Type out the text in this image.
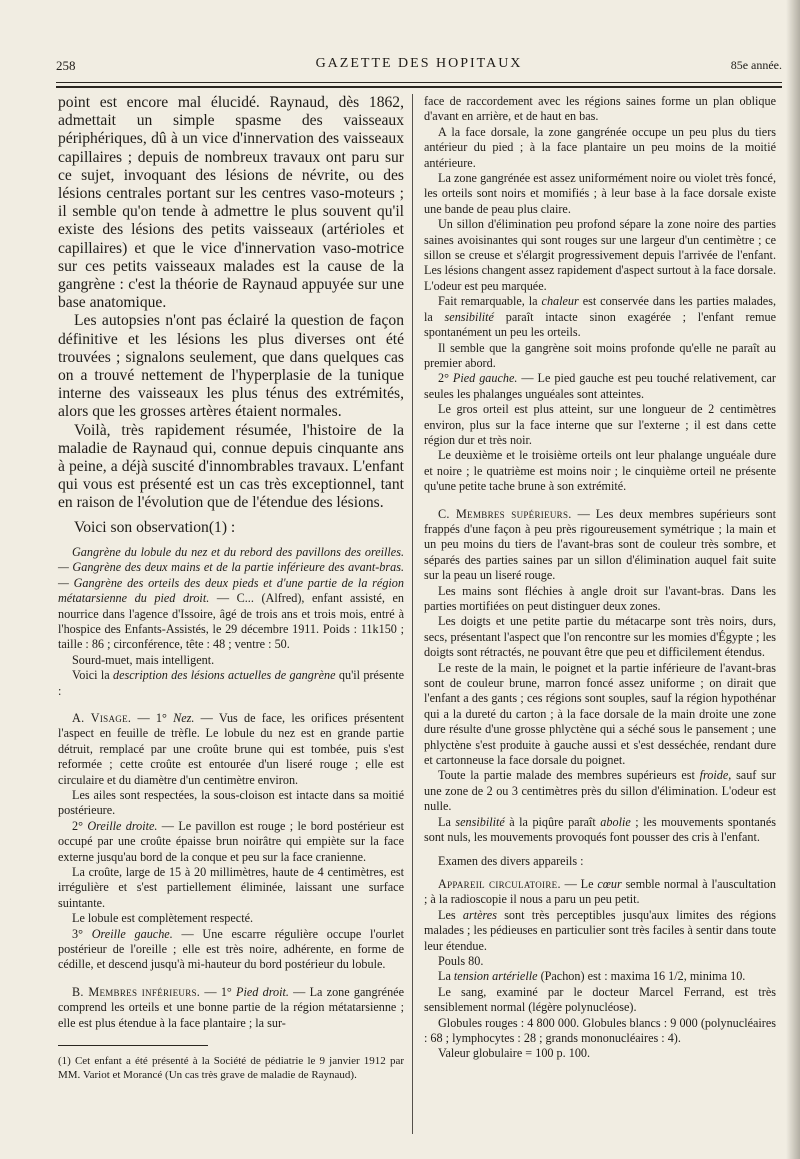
258	GAZETTE DES HOPITAUX	85e année.

point est encore mal élucidé. Raynaud, dès 1862, admettait un simple spasme des vaisseaux périphériques, dû à un vice d'innervation des vaisseaux capillaires ; depuis de nombreux travaux ont paru sur ce sujet, invoquant des lésions de névrite, ou des lésions centrales portant sur les centres vaso-moteurs ; il semble qu'on tende à admettre le plus souvent qu'il existe des lésions des petits vaisseaux (artérioles et capillaires) et que le vice d'innervation vaso-motrice sur ces petits vaisseaux malades est la cause de la gangrène : c'est la théorie de Raynaud appuyée sur une base anatomique.

Les autopsies n'ont pas éclairé la question de façon définitive et les lésions les plus diverses ont été trouvées ; signalons seulement, que dans quelques cas on a trouvé nettement de l'hyperplasie de la tunique interne des vaisseaux les plus ténus des extrémités, alors que les grosses artères étaient normales.

Voilà, très rapidement résumée, l'histoire de la maladie de Raynaud qui, connue depuis cinquante ans à peine, a déjà suscité d'innombrables travaux. L'enfant qui vous est présenté est un cas très exceptionnel, tant en raison de l'évolution que de l'étendue des lésions.

Voici son observation(1) :

Gangrène du lobule du nez et du rebord des pavillons des oreilles. — Gangrène des deux mains et de la partie inférieure des avant-bras. — Gangrène des orteils des deux pieds et d'une partie de la région métatarsienne du pied droit. — C... (Alfred), enfant assisté, en nourrice dans l'agence d'Issoire, âgé de trois ans et trois mois, entré à l'hospice des Enfants-Assistés, le 29 décembre 1911. Poids : 11k150 ; taille : 86 ; circonférence, tête : 48 ; ventre : 50.

Sourd-muet, mais intelligent.

Voici la description des lésions actuelles de gangrène qu'il présente :

A. Visage. — 1° Nez. — Vus de face, les orifices présentent l'aspect en feuille de trèfle. Le lobule du nez est en grande partie détruit, remplacé par une croûte brune qui est tombée, puis s'est reformée ; cette croûte est entourée d'un liseré rouge ; elle est circulaire et du diamètre d'un centimètre environ.

Les ailes sont respectées, la sous-cloison est intacte dans sa moitié postérieure.

2° Oreille droite. — Le pavillon est rouge ; le bord postérieur est occupé par une croûte épaisse brun noirâtre qui empiète sur la face externe jusqu'au bord de la conque et peu sur la face cranienne.

La croûte, large de 15 à 20 millimètres, haute de 4 centimètres, est irrégulière et s'est partiellement éliminée, laissant une surface suintante.

Le lobule est complètement respecté.

3° Oreille gauche. — Une escarre régulière occupe l'ourlet postérieur de l'oreille ; elle est très noire, adhérente, en forme de cédille, et descend jusqu'à mi-hauteur du bord postérieur du lobule.

B. Membres inférieurs. — 1° Pied droit. — La zone gangrénée comprend les orteils et une bonne partie de la région métatarsienne ; elle est plus étendue à la face plantaire ; la sur-

(1) Cet enfant a été présenté à la Société de pédiatrie le 9 janvier 1912 par MM. Variot et Morancé (Un cas très grave de maladie de Raynaud).

face de raccordement avec les régions saines forme un plan oblique d'avant en arrière, et de haut en bas.

A la face dorsale, la zone gangrénée occupe un peu plus du tiers antérieur du pied ; à la face plantaire un peu moins de la moitié antérieure.

La zone gangrénée est assez uniformément noire ou violet très foncé, les orteils sont noirs et momifiés ; à leur base à la face dorsale existe une bande de peau plus claire.

Un sillon d'élimination peu profond sépare la zone noire des parties saines avoisinantes qui sont rouges sur une largeur d'un centimètre ; ce sillon se creuse et s'élargit progressivement depuis l'arrivée de l'enfant. Les lésions changent assez rapidement d'aspect surtout à la face dorsale. L'odeur est peu marquée.

Fait remarquable, la chaleur est conservée dans les parties malades, la sensibilité paraît intacte sinon exagérée ; l'enfant remue spontanément un peu les orteils.

Il semble que la gangrène soit moins profonde qu'elle ne paraît au premier abord.

2° Pied gauche. — Le pied gauche est peu touché relativement, car seules les phalanges unguéales sont atteintes.

Le gros orteil est plus atteint, sur une longueur de 2 centimètres environ, plus sur la face interne que sur l'externe ; il est dans cette région dur et très noir.

Le deuxième et le troisième orteils ont leur phalange unguéale dure et noire ; le quatrième est moins noir ; le cinquième orteil ne présente qu'une petite tache brune à son extrémité.

C. Membres supérieurs. — Les deux membres supérieurs sont frappés d'une façon à peu près rigoureusement symétrique ; la main et un peu moins du tiers de l'avant-bras sont de couleur très sombre, et séparés des parties saines par un sillon d'élimination auquel fait suite sur la peau un liseré rouge.

Les mains sont fléchies à angle droit sur l'avant-bras. Dans les parties mortifiées on peut distinguer deux zones.

Les doigts et une petite partie du métacarpe sont très noirs, durs, secs, présentant l'aspect que l'on rencontre sur les momies d'Égypte ; les doigts sont rétractés, ne pouvant être que peu et difficilement étendus.

Le reste de la main, le poignet et la partie inférieure de l'avant-bras sont de couleur brune, marron foncé assez uniforme ; on dirait que l'enfant a des gants ; ces régions sont souples, sauf la région hypothénar qui a la dureté du carton ; à la face dorsale de la main droite une zone dure résulte d'une grosse phlyctène qui a séché sous le pansement ; une phlyctène s'est produite à gauche aussi et s'est desséchée, rendant dure et cartonneuse la face dorsale du poignet.

Toute la partie malade des membres supérieurs est froide, sauf sur une zone de 2 ou 3 centimètres près du sillon d'élimination. L'odeur est nulle.

La sensibilité à la piqûre paraît abolie ; les mouvements spontanés sont nuls, les mouvements provoqués font pousser des cris à l'enfant.

Examen des divers appareils :

Appareil circulatoire. — Le cœur semble normal à l'auscultation ; à la radioscopie il nous a paru un peu petit.

Les artères sont très perceptibles jusqu'aux limites des régions malades ; les pédieuses en particulier sont très faciles à sentir dans toute leur étendue.

Pouls 80.

La tension artérielle (Pachon) est : maxima 16 1/2, minima 10.

Le sang, examiné par le docteur Marcel Ferrand, est très sensiblement normal (légère polynucléose).

Globules rouges : 4 800 000. Globules blancs : 9 000 (polynucléaires : 68 ; lymphocytes : 28 ; grands mononucléaires : 4).

Valeur globulaire = 100 p. 100.
